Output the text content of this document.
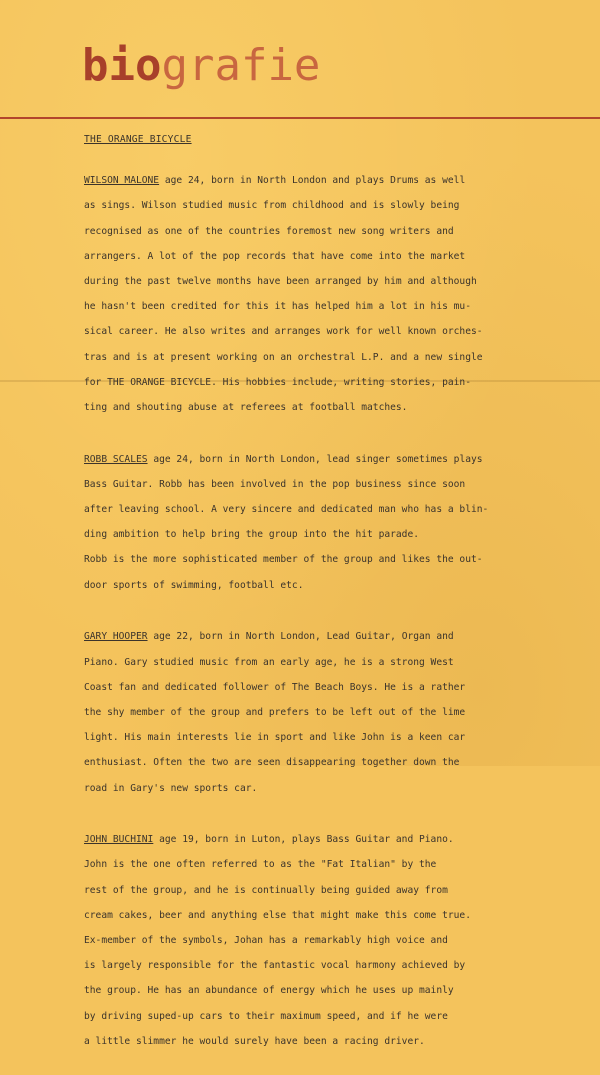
biografie
THE ORANGE BICYCLE

WILSON MALONE age 24, born in North London and plays Drums as well

as sings. Wilson studied music from childhood and is slowly being

recognised as one of the countries foremost new song writers and

arrangers. A lot of the pop records that have come into the market

during the past twelve months have been arranged by him and although

he hasn't been credited for this it has helped him a lot in his mu-

sical career. He also writes and arranges work for well known orches-

tras and is at present working on an orchestral L.P. and a new single

for THE ORANGE BICYCLE. His hobbies include, writing stories, pain-

ting and shouting abuse at referees at football matches.

ROBB SCALES age 24, born in North London, lead singer sometimes plays

Bass Guitar. Robb has been involved in the pop business since soon

after leaving school. A very sincere and dedicated man who has a blin-

ding ambition to help bring the group into the hit parade.

Robb is the more sophisticated member of the group and likes the out-

door sports of swimming, football etc.

GARY HOOPER age 22, born in North London, Lead Guitar, Organ and

Piano. Gary studied music from an early age, he is a strong West

Coast fan and dedicated follower of The Beach Boys. He is a rather

the shy member of the group and prefers to be left out of the lime

light. His main interests lie in sport and like John is a keen car

enthusiast. Often the two are seen disappearing together down the

road in Gary's new sports car.

JOHN BUCHINI age 19, born in Luton, plays Bass Guitar and Piano.

John is the one often referred to as the "Fat Italian" by the

rest of the group, and he is continually being guided away from

cream cakes, beer and anything else that might make this come true.

Ex-member of the symbols, Johan has a remarkably high voice and

is largely responsible for the fantastic vocal harmony achieved by

the group. He has an abundance of energy which he uses up mainly

by driving suped-up cars to their maximum speed, and if he were

a little slimmer he would surely have been a racing driver.
